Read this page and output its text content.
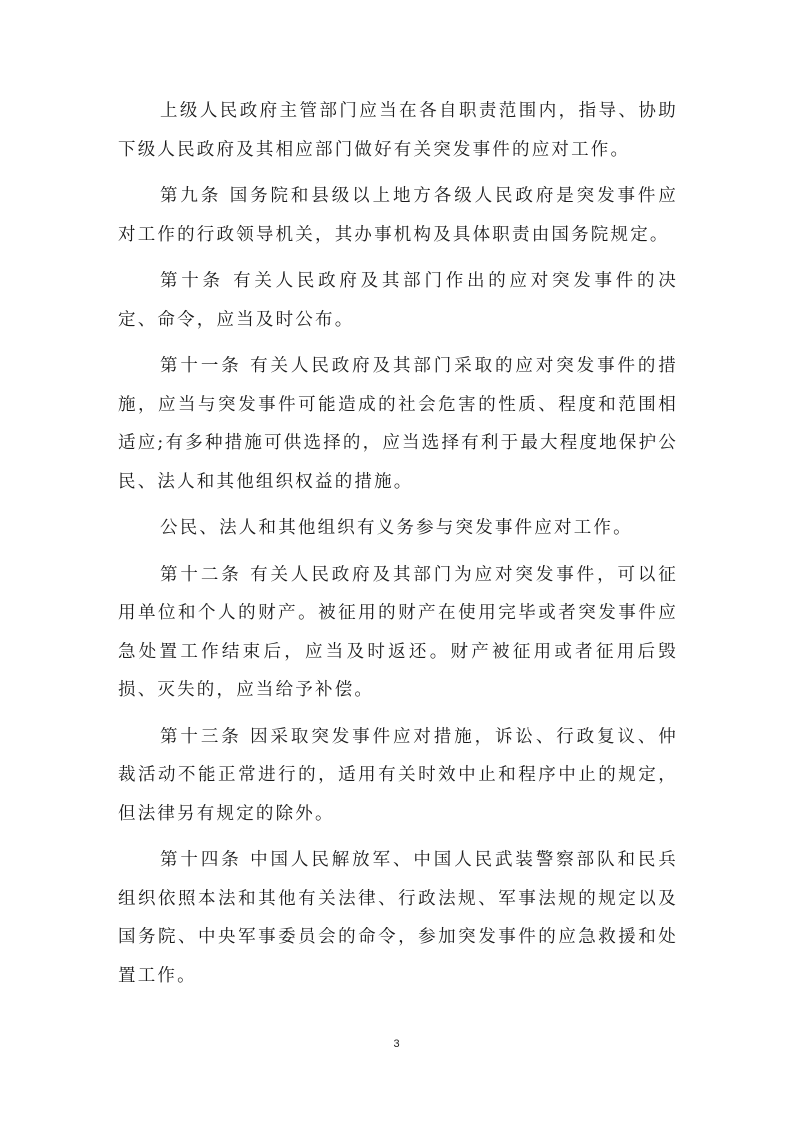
上级人民政府主管部门应当在各自职责范围内，指导、协助下级人民政府及其相应部门做好有关突发事件的应对工作。

第九条 国务院和县级以上地方各级人民政府是突发事件应对工作的行政领导机关，其办事机构及具体职责由国务院规定。

第十条 有关人民政府及其部门作出的应对突发事件的决定、命令，应当及时公布。

第十一条 有关人民政府及其部门采取的应对突发事件的措施，应当与突发事件可能造成的社会危害的性质、程度和范围相适应;有多种措施可供选择的，应当选择有利于最大程度地保护公民、法人和其他组织权益的措施。

公民、法人和其他组织有义务参与突发事件应对工作。

第十二条 有关人民政府及其部门为应对突发事件，可以征用单位和个人的财产。被征用的财产在使用完毕或者突发事件应急处置工作结束后，应当及时返还。财产被征用或者征用后毁损、灭失的，应当给予补偿。

第十三条 因采取突发事件应对措施，诉讼、行政复议、仲裁活动不能正常进行的，适用有关时效中止和程序中止的规定，但法律另有规定的除外。

第十四条 中国人民解放军、中国人民武装警察部队和民兵组织依照本法和其他有关法律、行政法规、军事法规的规定以及国务院、中央军事委员会的命令，参加突发事件的应急救援和处置工作。

3
